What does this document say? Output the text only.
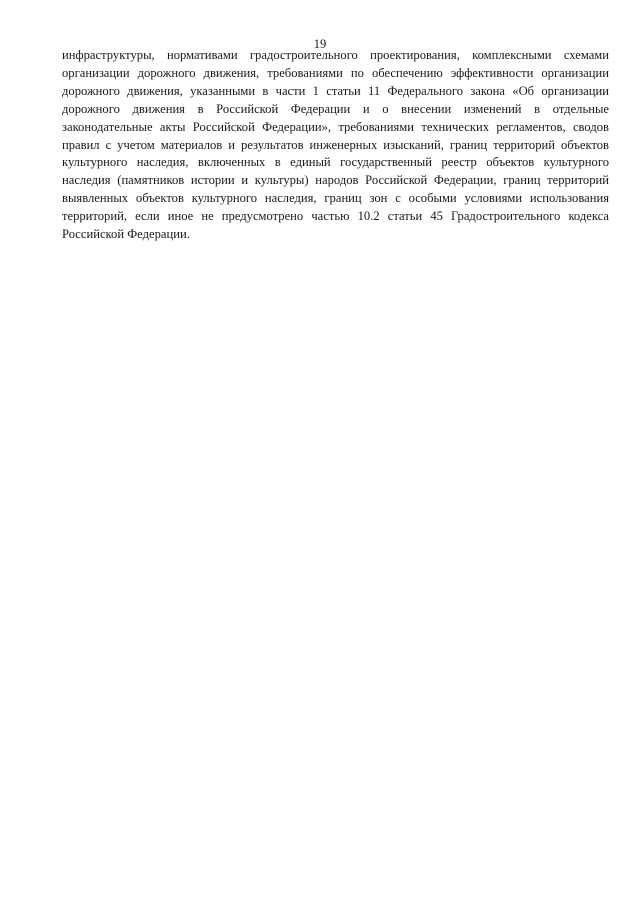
19
инфраструктуры, нормативами градостроительного проектирования, комплексными схемами
организации дорожного движения, требованиями по обеспечению эффективности организации
дорожного движения, указанными в части 1 статьи 11 Федерального закона «Об организации
дорожного движения в Российской Федерации и о внесении изменений в отдельные
законодательные акты Российской Федерации», требованиями технических регламентов, сводов
правил с учетом материалов и результатов инженерных изысканий, границ территорий объектов
культурного наследия, включенных в единый государственный реестр объектов культурного
наследия (памятников истории и культуры) народов Российской Федерации, границ территорий
выявленных объектов культурного наследия, границ зон с особыми условиями использования
территорий, если иное не предусмотрено частью 10.2 статьи 45 Градостроительного кодекса
Российской Федерации.
